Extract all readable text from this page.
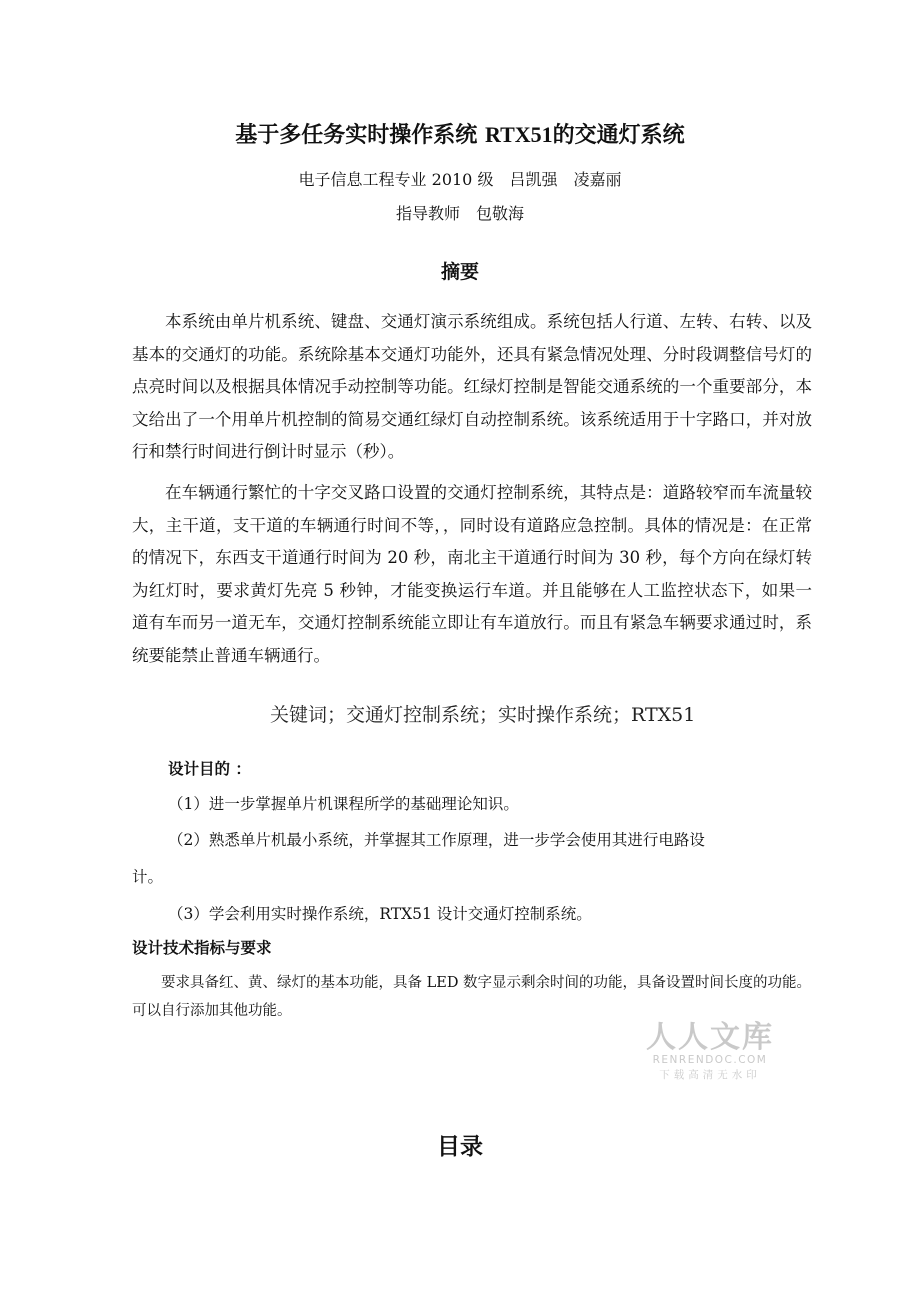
基于多任务实时操作系统 RTX51的交通灯系统
电子信息工程专业 2010 级　吕凯强　凌嘉丽
指导教师　包敬海
摘要

本系统由单片机系统、键盘、交通灯演示系统组成。系统包括人行道、左转、右转、以及基本的交通灯的功能。系统除基本交通灯功能外，还具有紧急情况处理、分时段调整信号灯的点亮时间以及根据具体情况手动控制等功能。红绿灯控制是智能交通系统的一个重要部分，本文给出了一个用单片机控制的简易交通红绿灯自动控制系统。该系统适用于十字路口，并对放行和禁行时间进行倒计时显示（秒）。

在车辆通行繁忙的十字交叉路口设置的交通灯控制系统，其特点是：道路较窄而车流量较大，主干道，支干道的车辆通行时间不等，，同时设有道路应急控制。具体的情况是：在正常的情况下，东西支干道通行时间为 20 秒，南北主干道通行时间为 30 秒，每个方向在绿灯转为红灯时，要求黄灯先亮 5 秒钟，才能变换运行车道。并且能够在人工监控状态下，如果一道有车而另一道无车，交通灯控制系统能立即让有车道放行。而且有紧急车辆要求通过时，系统要能禁止普通车辆通行。

关键词；交通灯控制系统；实时操作系统；RTX51
设计目的 ：
（1）进一步掌握单片机课程所学的基础理论知识。
（2）熟悉单片机最小系统，并掌握其工作原理，进一步学会使用其进行电路设
计。
（3）学会利用实时操作系统，RTX51 设计交通灯控制系统。
设计技术指标与要求

要求具备红、黄、绿灯的基本功能，具备 LED 数字显示剩余时间的功能，具备设置时间长度的功能。可以自行添加其他功能。

人人文库
RENRENDOC.COM
下载高清无水印
目录
